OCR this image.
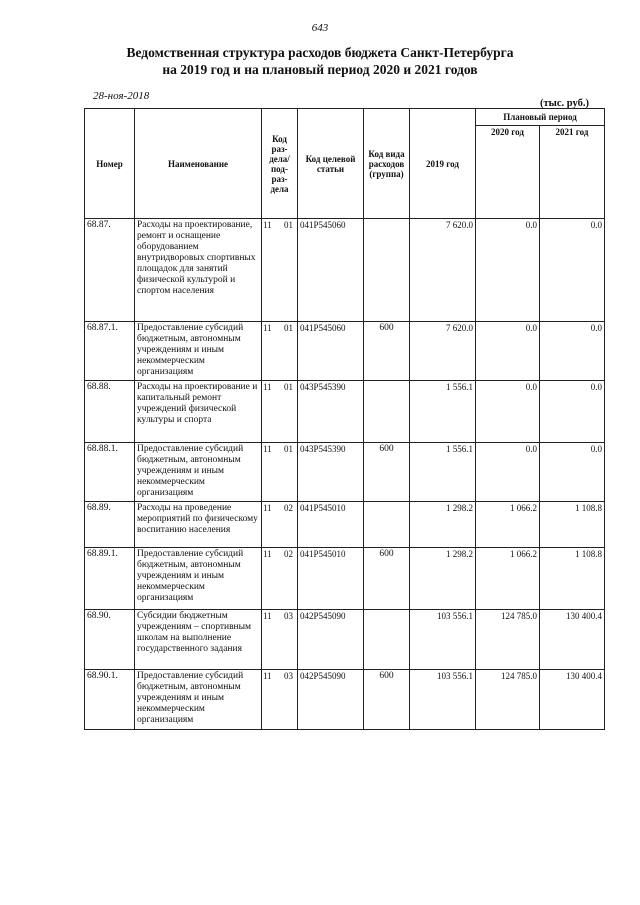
643
Ведомственная структура расходов бюджета Санкт-Петербурга
на 2019 год и на плановый период 2020 и 2021 годов
28-ноя-2018
(тыс. руб.)
Номер	Наименование	Код раз-дела/ под-раз-дела	Код целевой статьи	Код вида расходов (группа)	2019 год	Плановый период	
						2020 год	2021 год
68.87.	Расходы на проектирование, ремонт и оснащение оборудованием внутридворовых спортивных площадок для занятий физической культурой и спортом населения	11 01	041P545060		7 620.0	0.0	0.0
68.87.1.	Предоставление субсидий бюджетным, автономным учреждениям и иным некоммерческим организациям	11 01	041P545060	600	7 620.0	0.0	0.0
68.88.	Расходы на проектирование и капитальный ремонт учреждений физической культуры и спорта	11 01	043P545390		1 556.1	0.0	0.0
68.88.1.	Предоставление субсидий бюджетным, автономным учреждениям и иным некоммерческим организациям	11 01	043P545390	600	1 556.1	0.0	0.0
68.89.	Расходы на проведение мероприятий по физическому воспитанию населения	11 02	041P545010		1 298.2	1 066.2	1 108.8
68.89.1.	Предоставление субсидий бюджетным, автономным учреждениям и иным некоммерческим организациям	11 02	041P545010	600	1 298.2	1 066.2	1 108.8
68.90.	Субсидии бюджетным учреждениям – спортивным школам на выполнение государственного задания	11 03	042P545090		103 556.1	124 785.0	130 400.4
68.90.1.	Предоставление субсидий бюджетным, автономным учреждениям и иным некоммерческим организациям	11 03	042P545090	600	103 556.1	124 785.0	130 400.4
